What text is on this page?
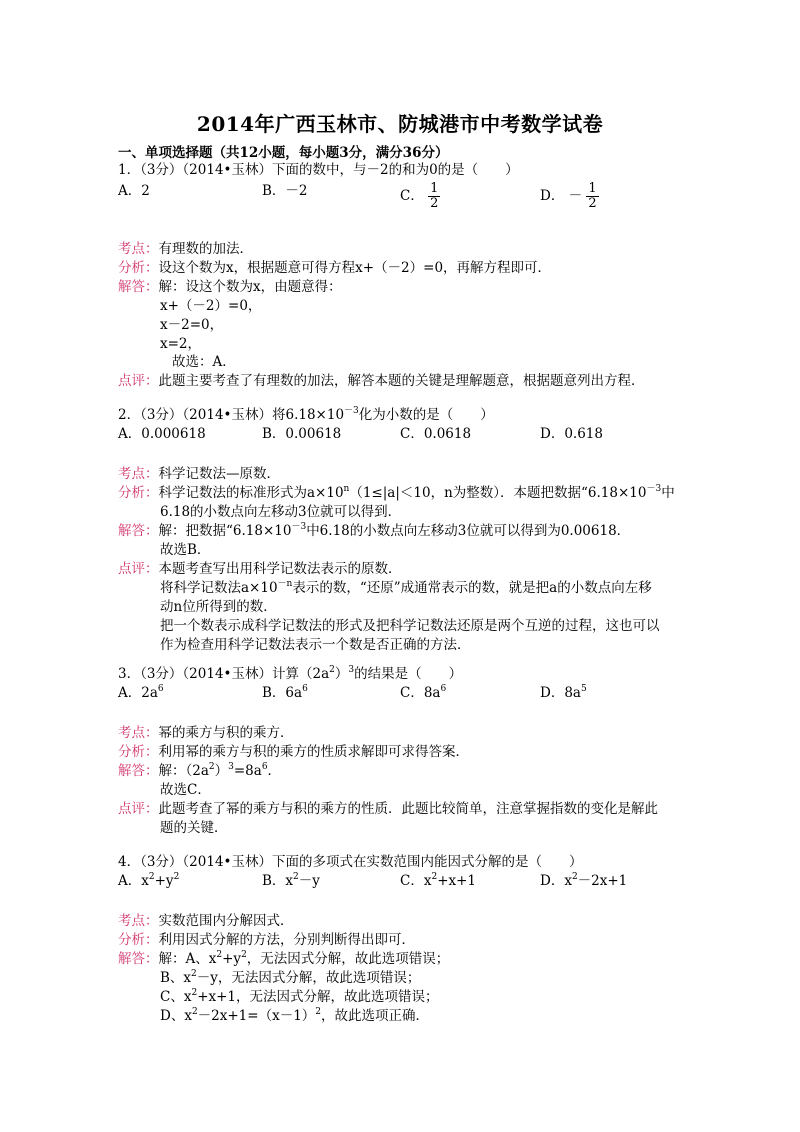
2014年广西玉林市、防城港市中考数学试卷
一、单项选择题（共12小题，每小题3分，满分36分）
1．（3分）（2014•玉林）下面的数中，与－2的和为0的是（　　）
A．2	B．－2	C． $\frac{1}{2}$	D． － $\frac{1}{2}$
考点：有理数的加法．
分析：设这个数为x，根据题意可得方程x+（－2）=0，再解方程即可．
解答：解：设这个数为x，由题意得：
x+（－2）=0，
x－2=0，
x=2，
故选：A．
点评：此题主要考查了有理数的加法，解答本题的关键是理解题意，根据题意列出方程．
2．（3分）（2014•玉林）将$6.18\times 10^{-3}$化为小数的是（　　）
A．0.000618	B．0.00618	C．0.0618	D．0.618
考点：科学记数法—原数．
分析：科学记数法的标准形式为$a\times 10^n(1\le|a|<10$，n为整数）．本题把数据“$6.18\times 10^{-3}$中
6.18的小数点向左移动3位就可以得到．
解答：解：把数据“$6.18\times 10^{-3}$中6.18的小数点向左移动3位就可以得到为0.00618．
故选B．
点评：本题考查写出用科学记数法表示的原数．
将科学记数法$a\times 10^{-n}$表示的数，“还原”成通常表示的数，就是把a的小数点向左移
动n位所得到的数．
把一个数表示成科学记数法的形式及把科学记数法还原是两个互逆的过程，这也可以
作为检查用科学记数法表示一个数是否正确的方法．
3．（3分）（2014•玉林）计算$(2a^2)^3$的结果是（　　）
A．$2a^6$	B．$6a^6$	C．$8a^6$	D．$8a^5$
考点：幂的乘方与积的乘方．
分析：利用幂的乘方与积的乘方的性质求解即可求得答案．
解答：解：$(2a^2)^3=8a^6$．
故选C．
点评：此题考查了幂的乘方与积的乘方的性质．此题比较简单，注意掌握指数的变化是解此
题的关键．
4．（3分）（2014•玉林）下面的多项式在实数范围内能因式分解的是（　　）
A．$x^2+y^2$	B．$x^2-y$	C．$x^2+x+1$	D．$x^2-2x+1$
考点：实数范围内分解因式．
分析：利用因式分解的方法，分别判断得出即可．
解答：解：A、$x^2+y^2$，无法因式分解，故此选项错误；
B、$x^2-y$，无法因式分解，故此选项错误；
C、$x^2+x+1$，无法因式分解，故此选项错误；
D、$x^2-2x+1=(x-1)^2$，故此选项正确．
